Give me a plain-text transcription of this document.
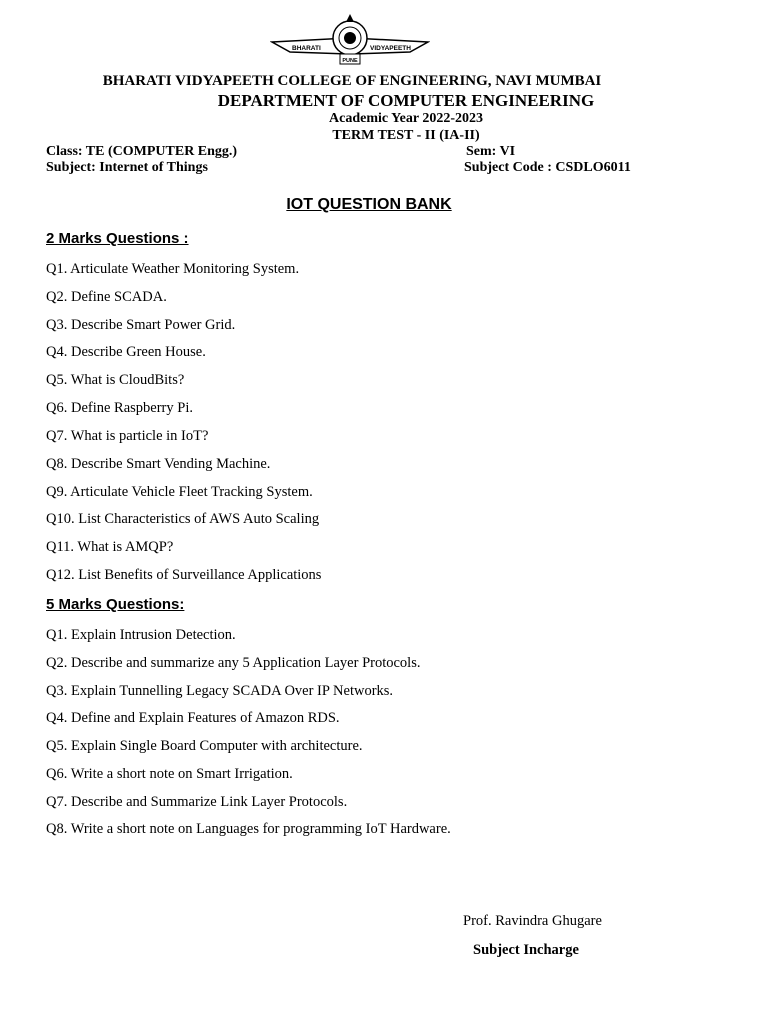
BHARATI	VIDYAPEETH
PUNE
BHARATI VIDYAPEETH COLLEGE OF ENGINEERING, NAVI MUMBAI
DEPARTMENT OF COMPUTER ENGINEERING
Academic Year 2022-2023
TERM TEST - II (IA-II)
Class: TE (COMPUTER Engg.)	Sem: VI
Subject: Internet of Things	Subject Code : CSDLO6011
IOT QUESTION BANK
2 Marks Questions :
Q1. Articulate Weather Monitoring System.
Q2. Define SCADA.
Q3. Describe Smart Power Grid.
Q4. Describe Green House.
Q5. What is CloudBits?
Q6. Define Raspberry Pi.
Q7. What is particle in IoT?
Q8. Describe Smart Vending Machine.
Q9. Articulate Vehicle Fleet Tracking System.
Q10. List Characteristics of AWS Auto Scaling
Q11. What is AMQP?
Q12. List Benefits of Surveillance Applications
5 Marks Questions:
Q1. Explain Intrusion Detection.
Q2. Describe and summarize any 5 Application Layer Protocols.
Q3. Explain Tunnelling Legacy SCADA Over IP Networks.
Q4. Define and Explain Features of Amazon RDS.
Q5. Explain Single Board Computer with architecture.
Q6. Write a short note on Smart Irrigation.
Q7. Describe and Summarize Link Layer Protocols.
Q8. Write a short note on Languages for programming IoT Hardware.
Prof. Ravindra Ghugare
Subject Incharge
